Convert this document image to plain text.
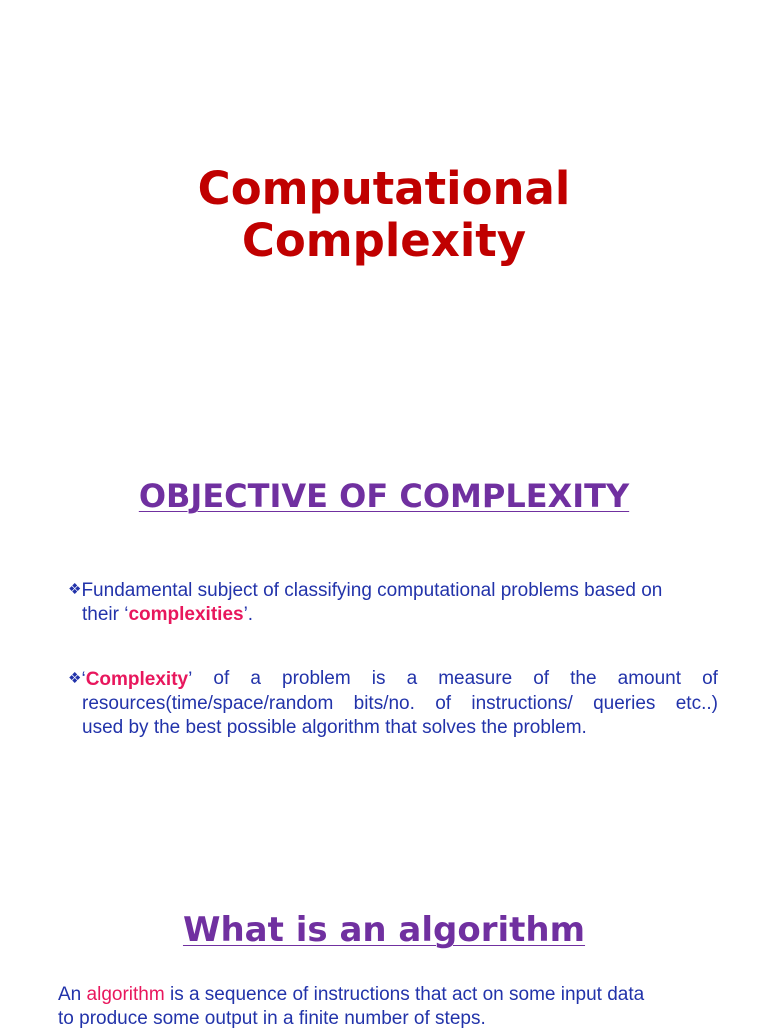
Computational
Complexity
OBJECTIVE OF COMPLEXITY
❖Fundamental subject of classifying computational problems based on
their ‘complexities’.
❖‘Complexity’ of a problem is a measure of the amount of
resources(time/space/random bits/no. of instructions/ queries etc..)
used by the best possible algorithm that solves the problem.
What is an algorithm
An algorithm is a sequence of instructions that act on some input data
to produce some output in a finite number of steps.
